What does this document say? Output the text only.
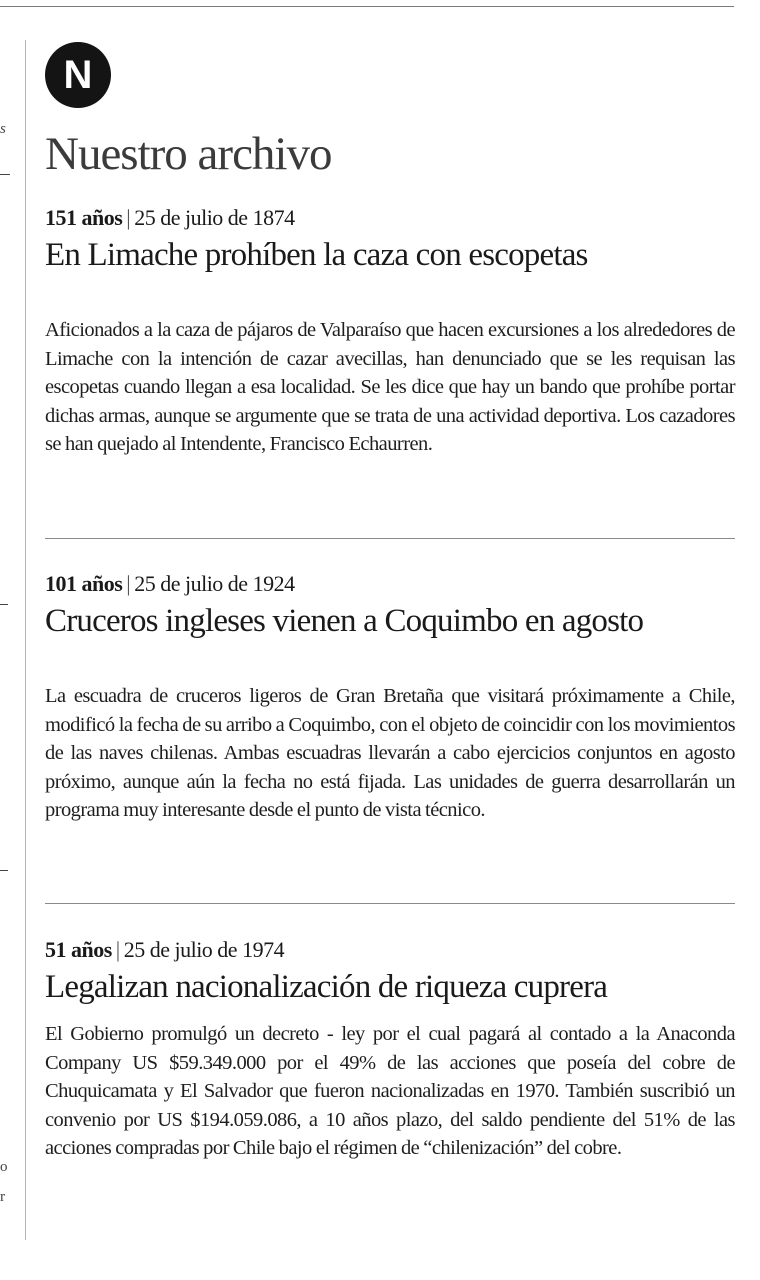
s
o
r
N
Nuestro archivo
151 años | 25 de julio de 1874
En Limache prohíben la caza con escopetas

Aficionados a la caza de pájaros de Valparaíso que hacen excursiones a los alrededores de Limache con la intención de cazar avecillas, han denunciado que se les requisan las escopetas cuando llegan a esa localidad. Se les dice que hay un bando que prohíbe portar dichas armas, aunque se argumente que se trata de una actividad deportiva. Los cazadores se han quejado al Intendente, Francisco Echaurren.

101 años | 25 de julio de 1924
Cruceros ingleses vienen a Coquimbo en agosto

La escuadra de cruceros ligeros de Gran Bretaña que visitará próximamente a Chile, modificó la fecha de su arribo a Coquimbo, con el objeto de coincidir con los movimientos de las naves chilenas. Ambas escuadras llevarán a cabo ejercicios conjuntos en agosto próximo, aunque aún la fecha no está fijada. Las unidades de guerra desarrollarán un programa muy interesante desde el punto de vista técnico.

51 años | 25 de julio de 1974
Legalizan nacionalización de riqueza cuprera

El Gobierno promulgó un decreto - ley por el cual pagará al contado a la Anaconda Company US $59.349.000 por el 49% de las acciones que poseía del cobre de Chuquicamata y El Salvador que fueron nacionalizadas en 1970. También suscribió un convenio por US $194.059.086, a 10 años plazo, del saldo pendiente del 51% de las acciones compradas por Chile bajo el régimen de “chilenización” del cobre.
